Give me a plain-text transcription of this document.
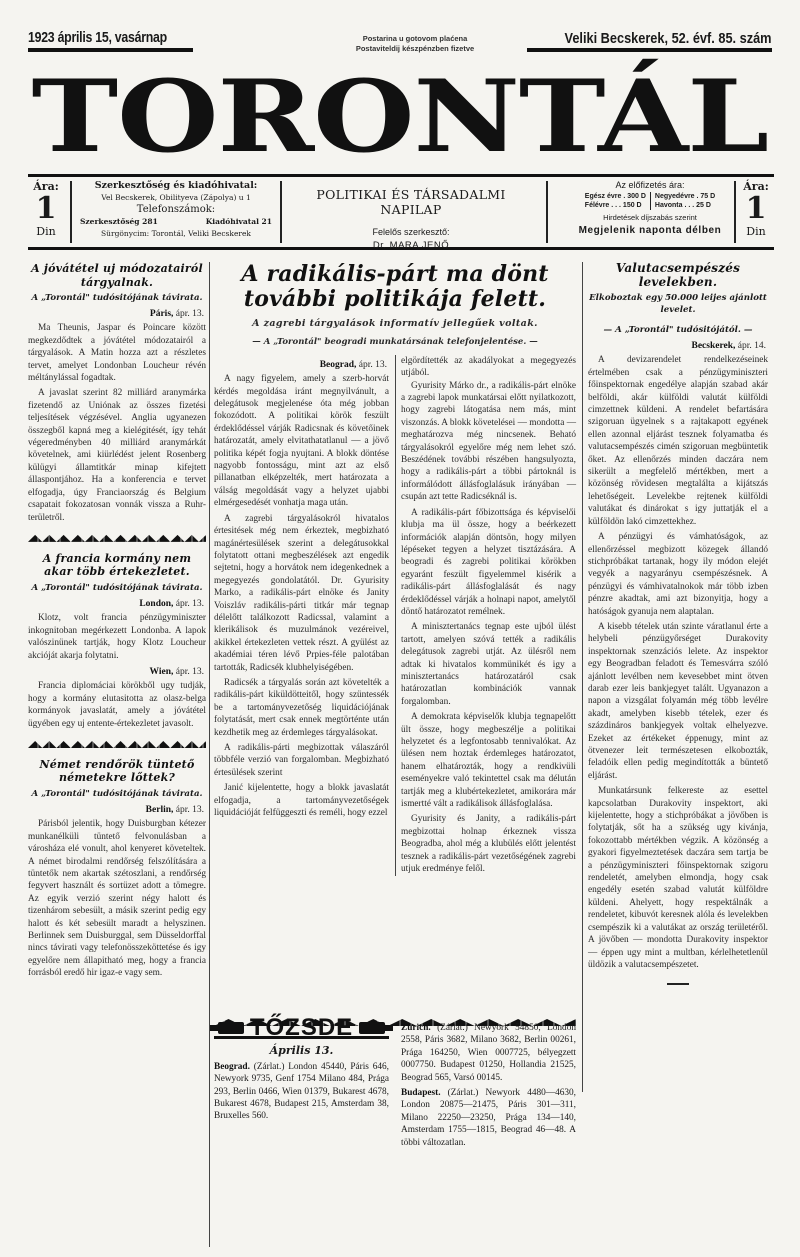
1923 április 15, vasárnap	Postarina u gotovom plaćena
Postaviteldij készpénzben fizetve
Veliki Becskerek, 52. évf. 85. szám
TORONTÁL
Ára:
1
Din
Szerkesztőség és kiadóhivatal:
Vel Becskerek, Obilityeva (Zápolya) u 1
Telefonszámok:
Szerkesztőség 281	Kiadóhivatal 21
Sürgönycim: Torontál, Veliki Becskerek
POLITIKAI ÉS TÁRSADALMI NAPILAP
Felelős szerkesztő:
Dr. MARA JENŐ
Az előfizetés ára:
Egész évre . 300 D
Félévre . . . 150 D
Negyedévre . 75 D
Havonta . . . 25 D
Hirdetések díjszabás szerint
Megjelenik naponta délben
Ára:
1
Din
A jóvátétel uj módozatairól tárgyalnak.
A „Torontál" tudósitójának távirata.
Páris, ápr. 13.

Ma Theunis, Jaspar és Poincare között megkezdődtek a jóvátétel módozatairól a tárgyalások. A Matin hozza azt a részletes tervet, amelyet Londonban Loucheur révén méltánylással fogadtak.

A javaslat szerint 82 milliárd aranymárka fizetendő az Uniónak az összes fizetési teljesítések végzésével. Anglia ugyanezen összegből kapná meg a kielégitését, így tehát végeredményben 40 milliárd aranymárkát követelnek, ami kiürlédést jelent Rosenberg külügyi államtitkár minap kifejtett állaspontjához. Ha a konferencia e tervet elfogadja, úgy Franciaország és Belgium csapatait fokozatosan vonnák vissza a Ruhr-területről.

A francia kormány nem akar több értekezletet.
A „Torontál" tudósitójának távirata.
London, ápr. 13.

Klotz, volt francia pénzügyminiszter inkognitoban megérkezett Londonba. A lapok valószinünek tartják, hogy Klotz Loucheur akcióját akarja folytatni.

Wien, ápr. 13.

Francia diplomáciai körökből ugy tudják, hogy a kormány elutasitotta az olasz-belga kormányok javaslatát, amely a jóvátétel ügyében egy uj entente-értekezletet javasolt.

Német rendőrök tüntető németekre lőttek?
A „Torontál" tudósitójának távirata.
Berlin, ápr. 13.

Párisból jelentik, hogy Duisburgban kétezer munkanélküli tüntető felvonulásban a városháza elé vonult, ahol kenyeret követeltek. A német birodalmi rendőrség felszólítására a tüntetők nem akartak szétoszlani, a rendőrség fegyvert használt és sortüzet adott a tömegre. Az egyik verzió szerint négy halott és tizenhárom sebesült, a másik szerint pedig egy halott és két sebesült maradt a helyszinen. Berlinnek sem Duisburggal, sem Düsseldorffal nincs távirati vagy telefonösszeköttetése és igy egyelőre nem állapitható meg, hogy a francia forrásból eredő hir igaz-e vagy sem.

A radikális-párt ma dönt további politikája felett.
A zagrebi tárgyalások informatív jellegűek voltak.
— A „Torontál" beogradi munkatársának telefonjelentése. —
Beograd, ápr. 13.

A nagy figyelem, amely a szerb-horvát kérdés megoldása iránt megnyilvánult, a delegátusok megjelenése óta még jobban fokozódott. A politikai körök feszült érdeklődéssel várják Radicsnak és követőinek határozatát, amely elvitathatatlanul — a jövő politika képét fogja nyujtani. A blokk döntése nagyobb fontosságu, mint azt az első pillanatban elképzelték, mert határozata a válság megoldását vagy a helyzet ujabbi elmérgesedését vonhatja maga után.

A zagrebi tárgyalásokról hivatalos értesitések még nem érkeztek, megbizható magánértesülések szerint a delegátusokkal folytatott ottani megbeszélések azt engedik sejtetni, hogy a horvátok nem idegenkednek a megegyezés gondolatától. Dr. Gyurisity Marko, a radikális-párt elnöke és Janity Voiszláv radikális-párti titkár már tegnap délelőtt találkozott Radicssal, valamint a klerikálisok és muzulmánok vezéreivel, akikkel értekezleten vettek részt. A gyülést az akadémiai téren lévő Prpies-féle palotában tartották, Radicsék klubhelyiségében.

Radicsék a tárgyalás során azt követelték a radikális-párt kiküldötteitől, hogy szüntessék be a tartományvezetőség liquidációjának folytatását, mert csak ennek megtörténte után kezdhetik meg az érdemleges tárgyalásokat.

A radikális-párti megbizottak válaszáról többféle verzió van forgalomban. Megbizható értesülések szerint

Janić kijelentette, hogy a blokk javaslatát elfogadja, a tartományvezetőségek liquidációját felfüggeszti és reméli, hogy ezzel

elgördítették az akadályokat a megegyezés utjából.

Gyurisity Márko dr., a radikális-párt elnöke a zagrebi lapok munkatársai előtt nyilatkozott, hogy zagrebi látogatása nem más, mint viszonzás. A blokk követelései — mondotta — meghatározva még nincsenek. Beható tárgyalásokról egyelőre még nem lehet szó. Beszédének további részében hangsulyozta, hogy a radikális-párt a többi pártoknál is informálódott állásfoglalásuk irányában — csupán azt tette Radicséknál is.

A radikális-párt főbizottsága és képviselői klubja ma ül össze, hogy a beérkezett információk alapján döntsön, hogy milyen lépéseket tegyen a helyzet tisztázására. A beogradi és zagrebi politikai körökben egyaránt feszült figyelemmel kisérik a radikális-párt állásfoglalását és nagy érdeklődéssel várják a holnapi napot, amelytől döntő határozatot remélnek.

A minisztertanács tegnap este ujból ülést tartott, amelyen szóvá tették a radikális delegátusok zagrebi utját. Az ülésről nem adtak ki hivatalos kommünikét és igy a minisztertanács határozatáról csak határozatlan kombinációk vannak forgalomban.

A demokrata képviselők klubja tegnapelőtt ült össze, hogy megbeszélje a politikai helyzetet és a legfontosabb tennivalókat. Az ülésen nem hoztak érdemleges határozatot, hanem elhatározták, hogy a rendkivüli eseményekre való tekintettel csak ma délután tartják meg a klubértekezletet, amikorára már ismertté vált a radikálisok állásfoglalása.

Gyurisity és Janity, a radikális-párt megbizottai holnap érkeznek vissza Beogradba, ahol még a klubülés előtt jelentést tesznek a radikális-párt vezetőségének zagrebi utjuk eredménye felől.

TŐZSDE
Április 13.

Beograd. (Zárlat.) London 45440, Páris 646, Newyork 9735, Genf 1754 Milano 484, Prága 293, Berlin 0466, Wien 01379, Bukarest 4678, Bukarest 4678, Budapest 215, Amsterdam 38, Bruxelles 560.

Zürich. (Zárlat.) Newyork 54850, London 2558, Páris 3682, Milano 3682, Berlin 00261, Prága 164250, Wien 0007725, bélyegzett 0007750. Budapest 01250, Hollandia 21525, Beograd 565, Varsó 00145.

Budapest. (Zárlat.) Newyork 4480—4630, London 20875—21475, Páris 301—311, Milano 22250—23250, Prága 134—140, Amsterdam 1755—1815, Beograd 46—48. A többi változatlan.

Valutacsempészés levelekben.
Elkoboztak egy 50.000 leijes ajánlott levelet.
— A „Torontál" tudósitójától. —
Becskerek, ápr. 14.

A devizarendelet rendelkezéseinek értelmében csak a pénzügyminiszteri főinspektornak engedélye alapján szabad akár belföldi, akár külföldi valutát külföldi cimzettnek küldeni. A rendelet befartására szigoruan ügyelnek s a rajtakapott egyének ellen azonnal eljárást tesznek folyamatba és valutacsempészés cimén szigoruan megbüntetik őket. Az ellenőrzés minden daczára nem sikerült a megfelelő mértékben, mert a közönség rövidesen megtalálta a kijátszás lehetőségeit. Levelekbe rejtenek külföldi valutákat és dinárokat s igy juttatják el a külföldön lakó cimzettekhez.

A pénzügyi és vámhatóságok, az ellenőrzéssel megbizott közegek állandó stichpróbákat tartanak, hogy ily módon elejét vegyék a nagyarányu csempészésnek. A pénzügyi és vámhivatalnokok már több izben pénzre akadtak, ami azt bizonyitja, hogy a hatóságok gyanuja nem alaptalan.

A kisebb tételek után szinte váratlanul érte a helybeli pénzügyőrséget Durakovity inspektornak szenzációs lelete. Az inspektor egy Beogradban feladott és Temesvárra szóló ajánlott levélben nem kevesebbet mint ötven darab ezer leis bankjegyet talált. Ugyanazon a napon a vizsgálat folyamán még több levélre akadt, amelyben kisebb tételek, ezer és százdináros bankjegyek voltak elhelyezve. Ezeket az értékeket éppenugy, mint az ötvenezer leit természetesen elkobozták, feladóik ellen pedig megindították a büntető eljárást.

Munkatársunk felkereste az esettel kapcsolatban Durakovity inspektort, aki kijelentette, hogy a stichpróbákat a jövőben is folytatják, sőt ha a szükség ugy kivánja, fokozottabb mértékben végzik. A közönség a gyakori figyelmeztetések daczára sem tartja be a pénzügyminiszteri főinspektornak szigoru rendeletét, amelyben elmondja, hogy csak engedély esetén szabad valutát külföldre küldeni. Ahelyett, hogy respektálnák a rendeletet, kibuvót keresnek alóla és levelekben csempészik ki a valutákat az ország területéről. A jövőben — mondotta Durakovity inspektor — éppen ugy mint a multban, kérlelhetetlenül üldözik a valutacsempészetet.
